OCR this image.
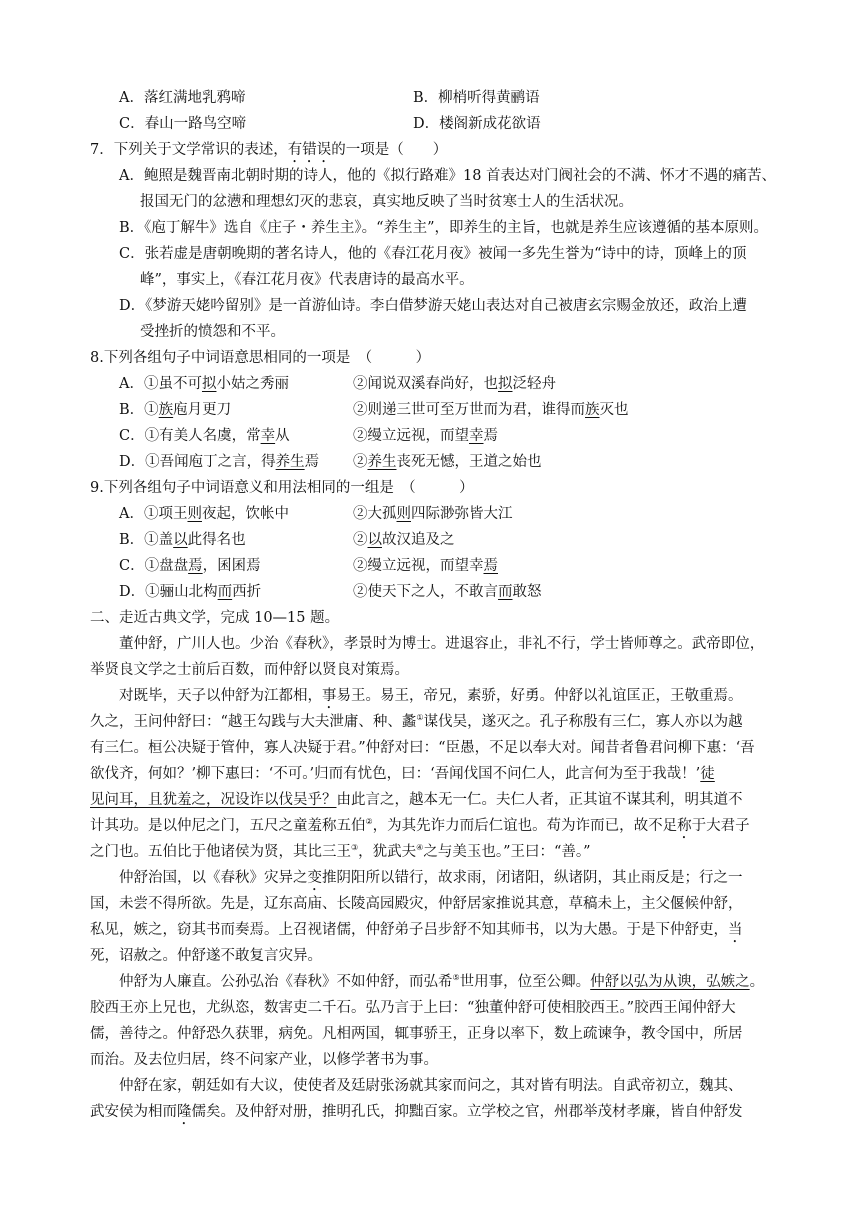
A．落红满地乳鸦啼	B．柳梢听得黄鹂语
C．春山一路鸟空啼	D．楼阁新成花欲语
7．下列关于文学常识的表述，有错误的一项是（　　）
A．鲍照是魏晋南北朝时期的诗人，他的《拟行路难》18 首表达对门阀社会的不满、怀才不遇的痛苦、
报国无门的忿懑和理想幻灭的悲哀，真实地反映了当时贫寒士人的生活状况。
B．《庖丁解牛》选自《庄子・养生主》。“养生主”，即养生的主旨，也就是养生应该遵循的基本原则。
C．张若虚是唐朝晚期的著名诗人，他的《春江花月夜》被闻一多先生誉为“诗中的诗，顶峰上的顶
峰”，事实上，《春江花月夜》代表唐诗的最高水平。
D．《梦游天姥吟留别》是一首游仙诗。李白借梦游天姥山表达对自己被唐玄宗赐金放还，政治上遭
受挫折的愤怨和不平。
8.下列各组句子中词语意思相同的一项是　（　　　）
A．①虽不可拟小姑之秀丽	②闻说双溪春尚好，也拟泛轻舟
B．①族庖月更刀	②则递三世可至万世而为君，谁得而族灭也
C．①有美人名虞，常幸从	②缦立远视，而望幸焉
D．①吾闻庖丁之言，得养生焉 ②养生丧死无憾，王道之始也
9.下列各组句子中词语意义和用法相同的一组是　（　　　）
A．①项王则夜起，饮帐中	②大孤则四际渺弥皆大江
B．①盖以此得名也	②以故汉追及之
C．①盘盘焉，囷囷焉	②缦立远视，而望幸焉
D．①骊山北构而西折	②使天下之人，不敢言而敢怒
二、走近古典文学，完成 10—15 题。
　　董仲舒，广川人也。少治《春秋》，孝景时为博士。进退容止，非礼不行，学士皆师尊之。武帝即位，
举贤良文学之士前后百数，而仲舒以贤良对策焉。
　　对既毕，天子以仲舒为江都相，事易王。易王，帝兄，素骄，好勇。仲舒以礼谊匡正，王敬重焉。
久之，王问仲舒曰：“越王勾践与大夫泄庸、种、蠡①谋伐吴，遂灭之。孔子称殷有三仁，寡人亦以为越
有三仁。桓公决疑于管仲，寡人决疑于君。”仲舒对曰：“臣愚，不足以奉大对。闻昔者鲁君问柳下惠：‘吾
欲伐齐，何如？’柳下惠曰：‘不可。’归而有忧色，曰：‘吾闻伐国不问仁人，此言何为至于我哉！’徒
见问耳，且犹羞之，况设诈以伐吴乎？由此言之，越本无一仁。夫仁人者，正其谊不谋其利，明其道不
计其功。是以仲尼之门，五尺之童羞称五伯②，为其先诈力而后仁谊也。苟为诈而已，故不足称于大君子
之门也。五伯比于他诸侯为贤，其比三王③，犹武夫④之与美玉也。”王曰：“善。”
　　仲舒治国，以《春秋》灾异之变推阴阳所以错行，故求雨，闭诸阳，纵诸阴，其止雨反是；行之一
国，未尝不得所欲。先是，辽东高庙、长陵高园殿灾，仲舒居家推说其意，草稿未上，主父偃候仲舒，
私见，嫉之，窃其书而奏焉。上召视诸儒，仲舒弟子吕步舒不知其师书，以为大愚。于是下仲舒吏，当
死，诏赦之。仲舒遂不敢复言灾异。
　　仲舒为人廉直。公孙弘治《春秋》不如仲舒，而弘希⑤世用事，位至公卿。仲舒以弘为从谀，弘嫉之。
胶西王亦上兄也，尤纵恣，数害吏二千石。弘乃言于上曰：“独董仲舒可使相胶西王。”胶西王闻仲舒大
儒，善待之。仲舒恐久获罪，病免。凡相两国，辄事骄王，正身以率下，数上疏谏争，教令国中，所居
而治。及去位归居，终不问家产业，以修学著书为事。
　　仲舒在家，朝廷如有大议，使使者及廷尉张汤就其家而问之，其对皆有明法。自武帝初立，魏其、
武安侯为相而隆儒矣。及仲舒对册，推明孔氏，抑黜百家。立学校之官，州郡举茂材孝廉，皆自仲舒发
